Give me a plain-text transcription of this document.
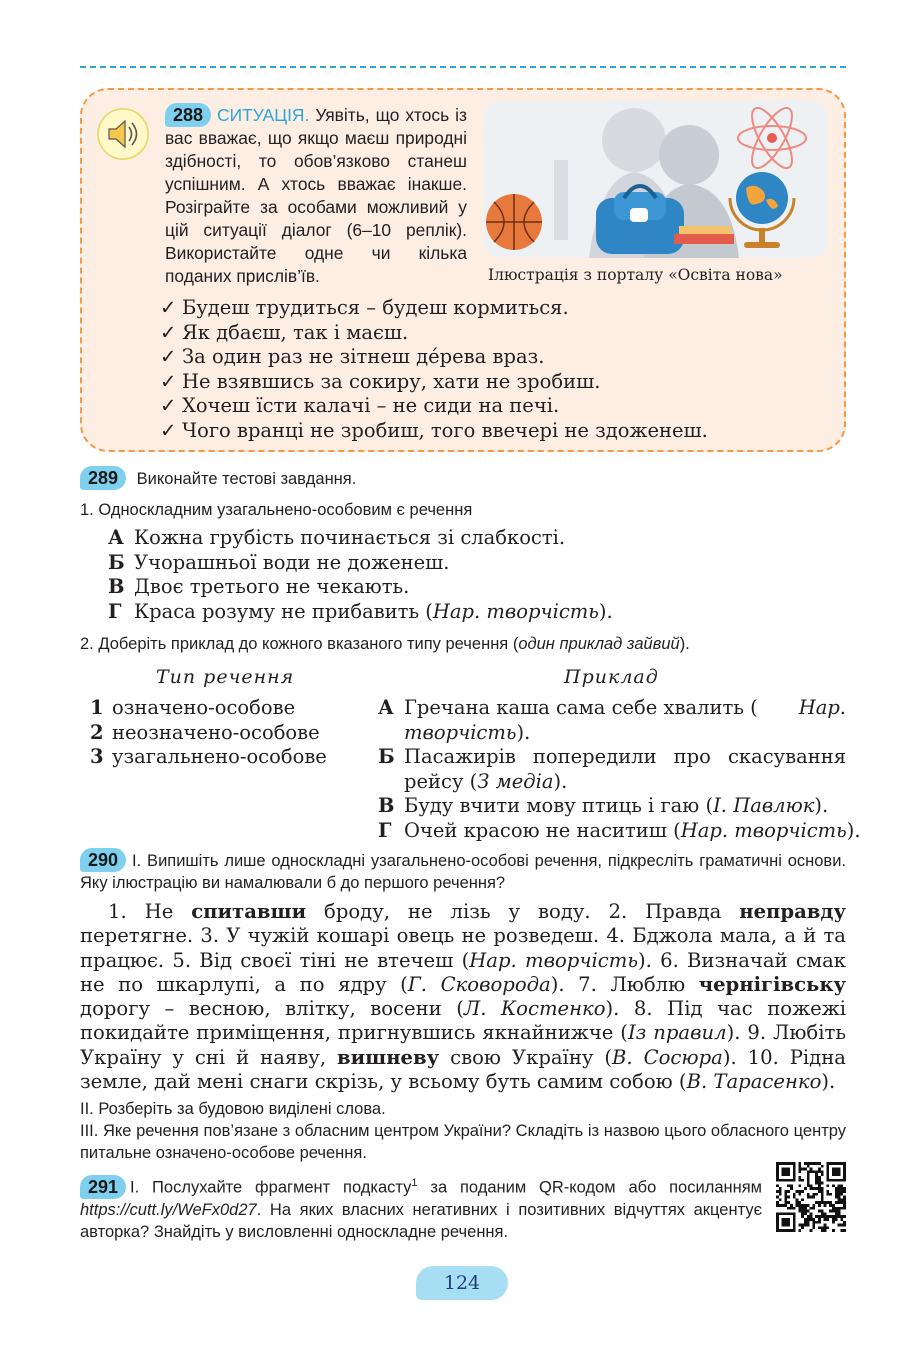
288 СИТУАЦІЯ. Уявіть, що хтось із вас вважає, що якщо маєш природні здібності, то обов’язково станеш успішним. А хтось вважає інакше. Розіграйте за особами можливий у цій ситуації діалог (6–10 реплік). Використайте одне чи кілька поданих прислів’їв.	Ілюстрація з порталу «Освіта нова»
✓ Будеш трудиться – будеш кормиться.
✓ Як дбаєш, так і маєш.
✓ За один раз не зітнеш де́рева враз.
✓ Не взявшись за сокиру, хати не зробиш.
✓ Хочеш їсти калачі – не сиди на печі.
✓ Чого вранці не зробиш, того ввечері не здоженеш.
289 Виконайте тестові завдання.
1. Односкладним узагальнено-особовим є речення
А Кожна грубість починається зі слабкості.
Б Учорашньої води не доженеш.
В Двоє третього не чекають.
Г Краса розуму не прибавить (Нар. творчість).
2. Доберіть приклад до кожного вказаного типу речення (один приклад зайвий).
Тип речення	Приклад
1 означено-особове
2 неозначено-особове
3 узагальнено-особове
А Гречана каша сама себе хвалить ( Нар.
творчість).
Б Пасажирів попередили про скасування
рейсу (З медіа).
В Буду вчити мову птиць і гаю (І. Павлюк).
Г Очей красою не наситиш (Нар. творчість).
290 І. Випишіть лише односкладні узагальнено-особові речення, підкресліть граматичні основи. Яку ілюстрацію ви намалювали б до першого речення?
1. Не спитавши броду, не лізь у воду. 2. Правда неправду перетягне. 3. У чужій кошарі овець не розведеш. 4. Бджола мала, а й та працює. 5. Від своєї тіні не втечеш (Нар. творчість). 6. Визначай смак не по шкарлупі, а по ядру (Г. Сковорода). 7. Люблю чернігівську дорогу – весною, влітку, восени (Л. Костенко). 8. Під час пожежі покидайте приміщення, пригнувшись якнайнижче (Із правил). 9. Любіть Україну у сні й наяву, вишневу свою Україну (В. Сосюра). 10. Рідна земле, дай мені снаги скрізь, у всьому буть самим собою (В. Тарасенко).
ІІ. Розберіть за будовою виділені слова.
ІІІ. Яке речення пов’язане з обласним центром України? Складіть із назвою цього обласного центру питальне означено-особове речення.
291 І. Послухайте фрагмент подкасту$^1$ за поданим QR-кодом або посиланням https://cutt.ly/WeFx0d27. На яких власних негативних і позитивних відчуттях акцентує авторка? Знайдіть у висловленні односкладне речення.
124
